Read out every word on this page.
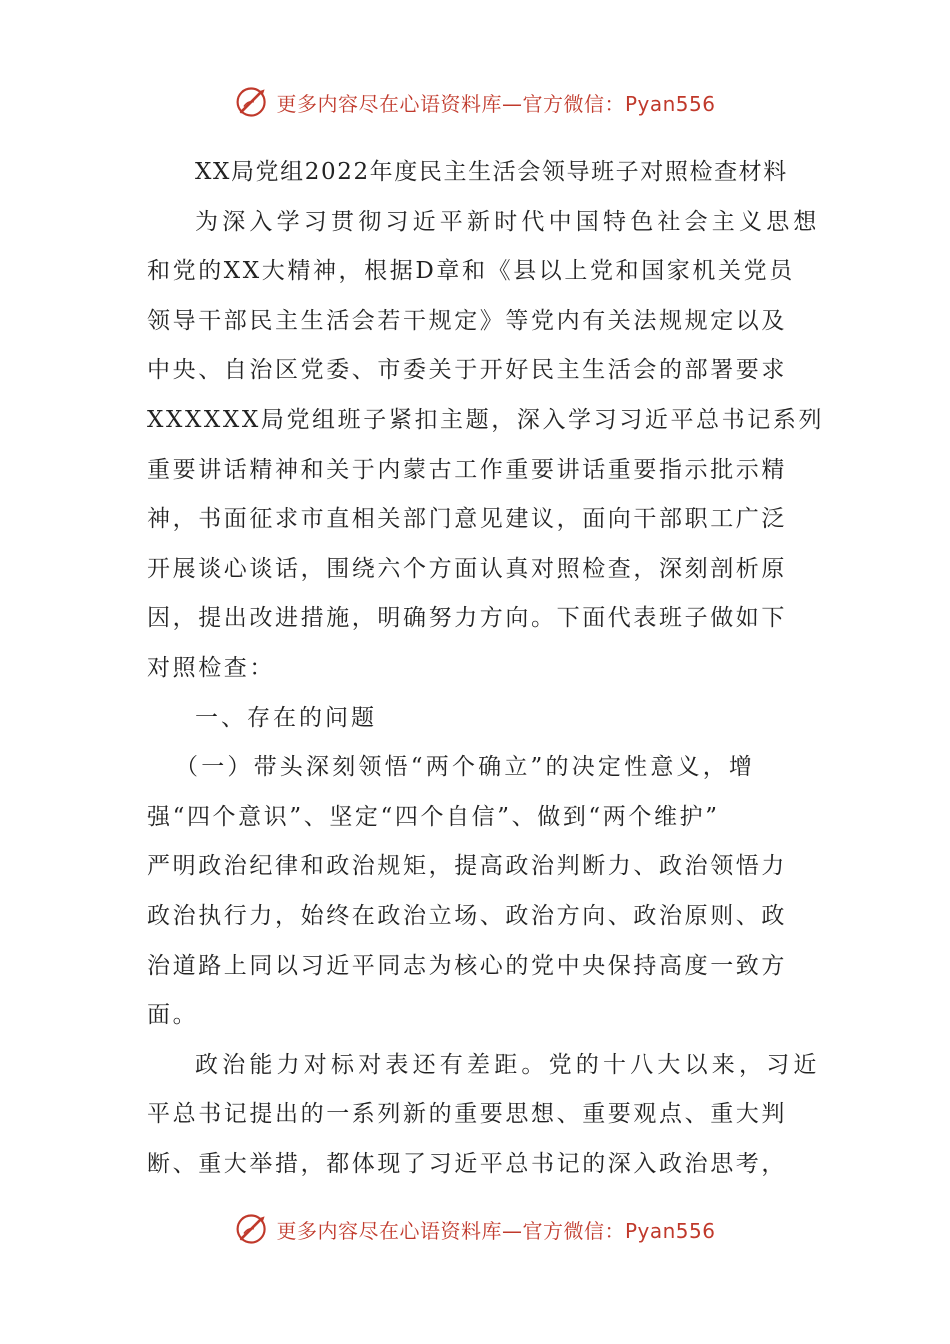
更多内容尽在心语资料库—官方微信：Pyan556
XX局党组2022年度民主生活会领导班子对照检查材料
为深入学习贯彻习近平新时代中国特色社会主义思想
和党的XX大精神，根据D章和《县以上党和国家机关党员
领导干部民主生活会若干规定》等党内有关法规规定以及
中央、自治区党委、市委关于开好民主生活会的部署要求
XXXXXX局党组班子紧扣主题，深入学习习近平总书记系列
重要讲话精神和关于内蒙古工作重要讲话重要指示批示精
神，书面征求市直相关部门意见建议，面向干部职工广泛
开展谈心谈话，围绕六个方面认真对照检查，深刻剖析原
因，提出改进措施，明确努力方向。下面代表班子做如下
对照检查：
一、存在的问题
（一）带头深刻领悟“两个确立”的决定性意义，增
强“四个意识”、坚定“四个自信”、做到“两个维护”
严明政治纪律和政治规矩，提高政治判断力、政治领悟力
政治执行力，始终在政治立场、政治方向、政治原则、政
治道路上同以习近平同志为核心的党中央保持高度一致方
面。
政治能力对标对表还有差距。党的十八大以来，习近
平总书记提出的一系列新的重要思想、重要观点、重大判
断、重大举措，都体现了习近平总书记的深入政治思考，
更多内容尽在心语资料库—官方微信：Pyan556
